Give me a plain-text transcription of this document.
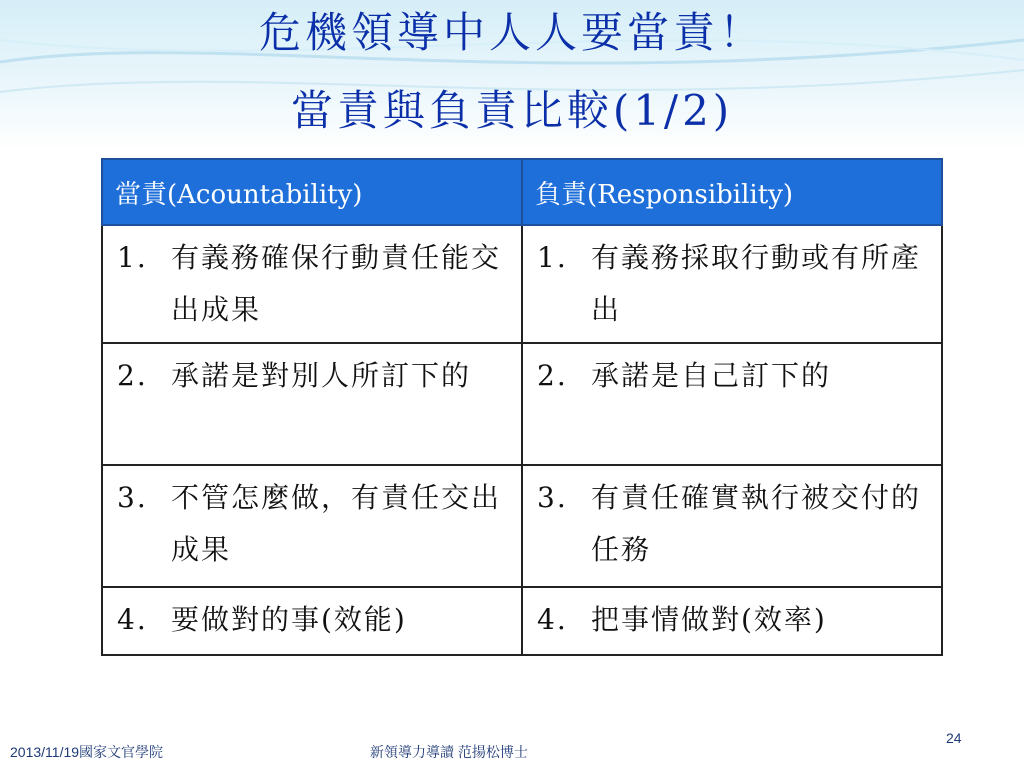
危機領導中人人要當責！
當責與負責比較(1/2)
當責(Acountability)	負責(Responsibility)

1. 有義務確保行動責任能交出成果	1. 有義務採取行動或有所產出

2. 承諾是對別人所訂下的	2. 承諾是自己訂下的

3. 不管怎麼做，有責任交出成果	3. 有責任確實執行被交付的任務

4. 要做對的事(效能)	4. 把事情做對(效率)
2013/11/19國家文官學院	新領導力導讀 范揚松博士
24
